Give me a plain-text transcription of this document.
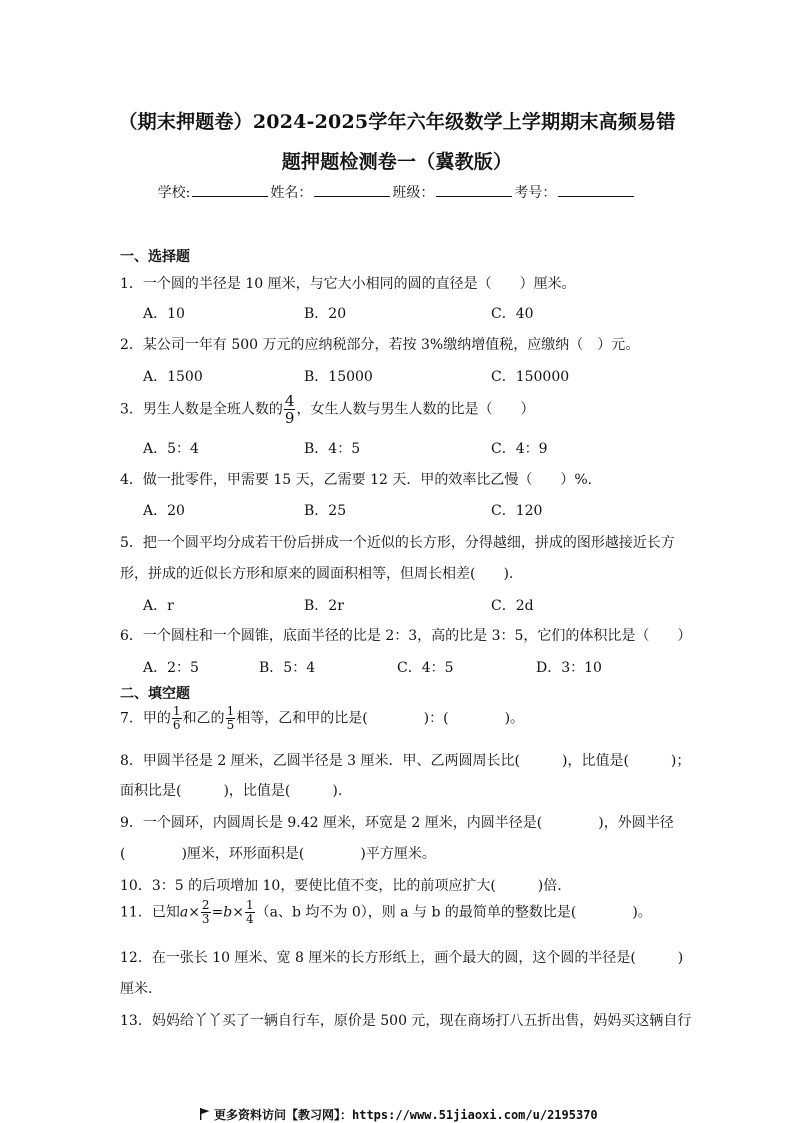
（期末押题卷）2024-2025学年六年级数学上学期期末高频易错
题押题检测卷一（冀教版）
学校:	姓名：	班级：	考号：
一、选择题
1．一个圆的半径是 10 厘米，与它大小相同的圆的直径是（　　）厘米。
A．10	B．20	C．40
2．某公司一年有 500 万元的应纳税部分，若按 3%缴纳增值税，应缴纳（　）元。
A．1500	B．15000	C．150000
3．男生人数是全班人数的 $\frac{4}{9}$ ，女生人数与男生人数的比是（　　）
A．5：4	B．4：5	C．4：9
4．做一批零件，甲需要 15 天，乙需要 12 天．甲的效率比乙慢（　　）%.
A．20	B．25	C．120
5．把一个圆平均分成若干份后拼成一个近似的长方形，分得越细，拼成的图形越接近长方
形，拼成的近似长方形和原来的圆面积相等，但周长相差(　　).
A．r	B．2r	C．2d
6．一个圆柱和一个圆锥，底面半径的比是 2：3，高的比是 3：5，它们的体积比是（　　）
A．2：5	B．5：4	C．4：5	D．3：10
二、填空题
7．甲的 $\frac{1}{6}$ 和乙的 $\frac{1}{5}$ 相等，乙和甲的比是(　　　　)：(　　　　)。
8．甲圆半径是 2 厘米，乙圆半径是 3 厘米．甲、乙两圆周长比(　　　)，比值是(　　　)；
面积比是(　　　)，比值是(　　　).
9．一个圆环，内圆周长是 9.42 厘米，环宽是 2 厘米，内圆半径是(　　　　)，外圆半径
(　　　　)厘米，环形面积是(　　　　)平方厘米。
10．3：5 的后项增加 10，要使比值不变，比的前项应扩大(　　　)倍.
11．已知$a\times \frac{2}{3} =b\times \frac{1}{4} (a$、b 均不为 0），则 a 与 b 的最简单的整数比是(　　　　)。
12．在一张长 10 厘米、宽 8 厘米的长方形纸上，画个最大的圆，这个圆的半径是(　　　)
厘米.
13．妈妈给丫丫买了一辆自行车，原价是 500 元，现在商场打八五折出售，妈妈买这辆自行
更多资料访问【教习网】：https://www.51jiaoxi.com/u/2195370
